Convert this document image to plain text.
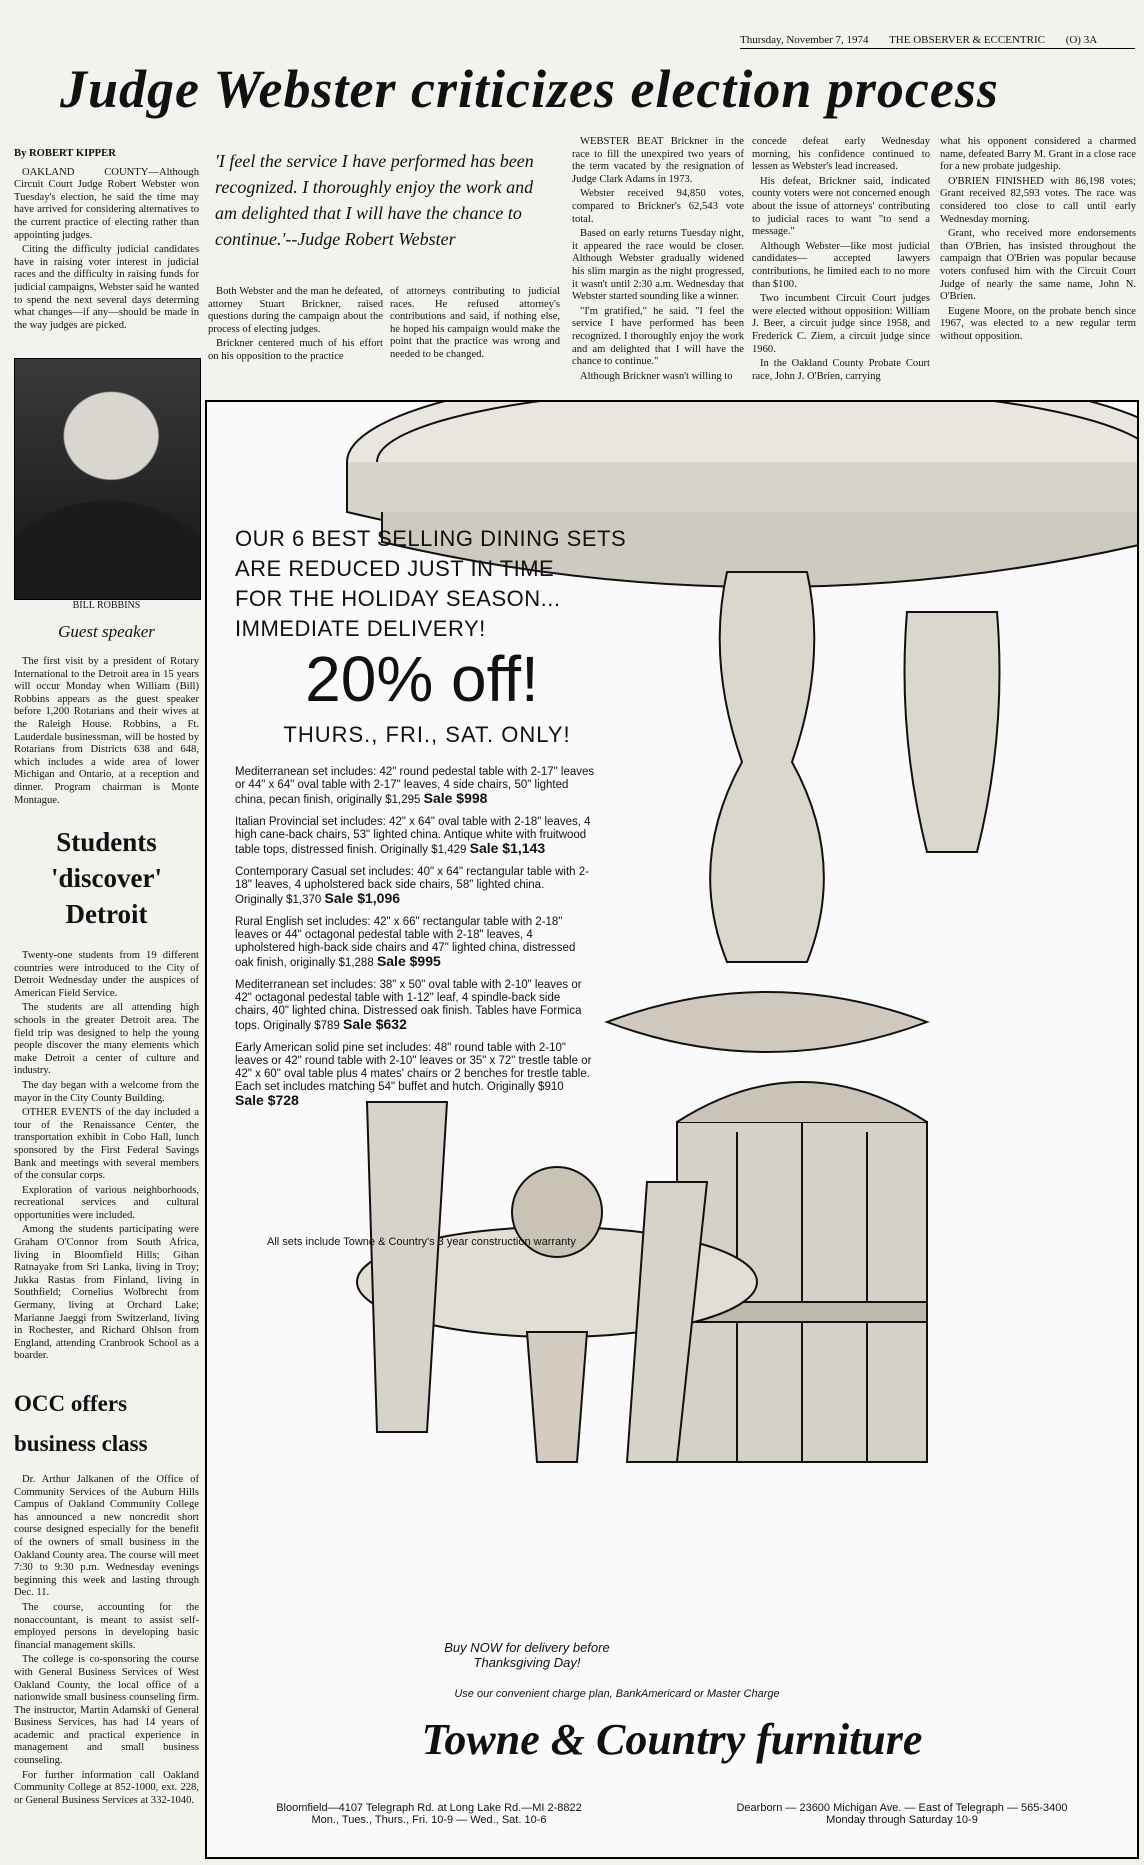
Thursday, November 7, 1974 THE OBSERVER & ECCENTRIC (O) 3A
Judge Webster criticizes election process
By ROBERT KIPPER

OAKLAND COUNTY—Although Circuit Court Judge Robert Webster won Tuesday's election, he said the time may have arrived for considering alternatives to the current practice of electing rather than appointing judges.

Citing the difficulty judicial candidates have in raising voter interest in judicial races and the difficulty in raising funds for judicial campaigns, Webster said he wanted to spend the next several days determing what changes—if any—should be made in the way judges are picked.

'I feel the service I have performed has been recognized. I thoroughly enjoy the work and am delighted that I will have the chance to continue.'--Judge Robert Webster

Both Webster and the man he defeated, attorney Stuart Brickner, raised questions during the campaign about the process of electing judges.

Brickner centered much of his effort on his opposition to the practice

of attorneys contributing to judicial races. He refused attorney's contributions and said, if nothing else, he hoped his campaign would make the point that the practice was wrong and needed to be changed.

WEBSTER BEAT Brickner in the race to fill the unexpired two years of the term vacated by the resignation of Judge Clark Adams in 1973.

Webster received 94,850 votes, compared to Brickner's 62,543 vote total.

Based on early returns Tuesday night, it appeared the race would be closer. Although Webster gradually widened his slim margin as the night progressed, it wasn't until 2:30 a.m. Wednesday that Webster started sounding like a winner.

"I'm gratified," he said. "I feel the service I have performed has been recognized. I thoroughly enjoy the work and am delighted that I will have the chance to continue."

Although Brickner wasn't willing to

concede defeat early Wednesday morning, his confidence continued to lessen as Webster's lead increased.

His defeat, Brickner said, indicated county voters were not concerned enough about the issue of attorneys' contributing to judicial races to want "to send a message."

Although Webster—like most judicial candidates— accepted lawyers contributions, he limited each to no more than $100.

Two incumbent Circuit Court judges were elected without opposition: William J. Beer, a circuit judge since 1958, and Frederick C. Ziem, a circuit judge since 1960.

In the Oakland County Probate Court race, John J. O'Brien, carrying

what his opponent considered a charmed name, defeated Barry M. Grant in a close race for a new probate judgeship.

O'BRIEN FINISHED with 86,198 votes; Grant received 82,593 votes. The race was considered too close to call until early Wednesday morning.

Grant, who received more endorsements than O'Brien, has insisted throughout the campaign that O'Brien was popular because voters confused him with the Circuit Court Judge of nearly the same name, John N. O'Brien.

Eugene Moore, on the probate bench since 1967, was elected to a new regular term without opposition.

BILL ROBBINS
Guest speaker

The first visit by a president of Rotary International to the Detroit area in 15 years will occur Monday when William (Bill) Robbins appears as the guest speaker before 1,200 Rotarians and their wives at the Raleigh House. Robbins, a Ft. Lauderdale businessman, will be hosted by Rotarians from Districts 638 and 648, which includes a wide area of lower Michigan and Ontario, at a reception and dinner. Program chairman is Monte Montague.

Students 'discover' Detroit

Twenty-one students from 19 different countries were introduced to the City of Detroit Wednesday under the auspices of American Field Service.

The students are all attending high schools in the greater Detroit area. The field trip was designed to help the young people discover the many elements which make Detroit a center of culture and industry.

The day began with a welcome from the mayor in the City County Building.

OTHER EVENTS of the day included a tour of the Renaissance Center, the transportation exhibit in Cobo Hall, lunch sponsored by the First Federal Savings Bank and meetings with several members of the consular corps.

Exploration of various neighborhoods, recreational services and cultural opportunities were included.

Among the students participating were Graham O'Connor from South Africa, living in Bloomfield Hills; Gihan Ratnayake from Sri Lanka, living in Troy; Jukka Rastas from Finland, living in Southfield; Cornelius Wolbrecht from Germany, living at Orchard Lake; Marianne Jaeggi from Switzerland, living in Rochester, and Richard Ohlson from England, attending Cranbrook School as a boarder.

OCC offers business class

Dr. Arthur Jalkanen of the Office of Community Services of the Auburn Hills Campus of Oakland Community College has announced a new noncredit short course designed especially for the benefit of the owners of small business in the Oakland County area. The course will meet 7:30 to 9:30 p.m. Wednesday evenings beginning this week and lasting through Dec. 11.

The course, accounting for the nonaccountant, is meant to assist self-employed persons in developing basic financial management skills.

The college is co-sponsoring the course with General Business Services of West Oakland County, the local office of a nationwide small business counseling firm. The instructor, Martin Adamski of General Business Services, has had 14 years of academic and practical experience in management and small business counseling.

For further information call Oakland Community College at 852-1000, ext. 228, or General Business Services at 332-1040.

OUR 6 BEST SELLING DINING SETS
ARE REDUCED JUST IN TIME
FOR THE HOLIDAY SEASON...
IMMEDIATE DELIVERY!
20% off!
THURS., FRI., SAT. ONLY!
Mediterranean set includes: 42" round pedestal table with 2-17" leaves or 44" x 64" oval table with 2-17" leaves, 4 side chairs, 50" lighted china, pecan finish, originally $1,295 Sale $998
Italian Provincial set includes: 42" x 64" oval table with 2-18" leaves, 4 high cane-back chairs, 53" lighted china. Antique white with fruitwood table tops, distressed finish. Originally $1,429 Sale $1,143
Contemporary Casual set includes: 40" x 64" rectangular table with 2-18" leaves, 4 upholstered back side chairs, 58" lighted china. Originally $1,370 Sale $1,096
Rural English set includes: 42" x 66" rectangular table with 2-18" leaves or 44" octagonal pedestal table with 2-18" leaves, 4 upholstered high-back side chairs and 47" lighted china, distressed oak finish, originally $1,288 Sale $995
Mediterranean set includes: 38" x 50" oval table with 2-10" leaves or 42" octagonal pedestal table with 1-12" leaf, 4 spindle-back side chairs, 40" lighted china. Distressed oak finish. Tables have Formica tops. Originally $789 Sale $632
Early American solid pine set includes: 48" round table with 2-10" leaves or 42" round table with 2-10" leaves or 35" x 72" trestle table or 42" x 60" oval table plus 4 mates' chairs or 2 benches for trestle table. Each set includes matching 54" buffet and hutch. Originally $910 Sale $728
All sets include Towne & Country's 3 year construction warranty
Buy NOW for delivery before
Thanksgiving Day!
Use our convenient charge plan, BankAmericard or Master Charge
Towne & Country furniture
Bloomfield—4107 Telegraph Rd. at Long Lake Rd.—MI 2-8822
Mon., Tues., Thurs., Fri. 10-9 — Wed., Sat. 10-6
Dearborn — 23600 Michigan Ave. — East of Telegraph — 565-3400
Monday through Saturday 10-9
